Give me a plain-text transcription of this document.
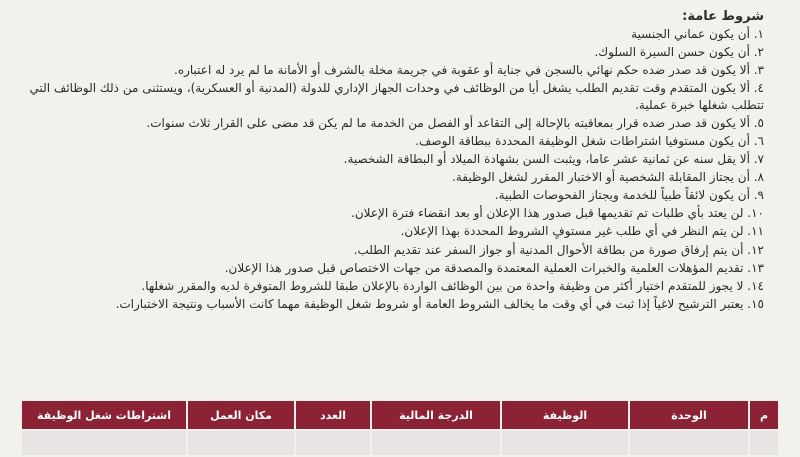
شروط عامة:
١. أن يكون عماني الجنسية
٢. أن يكون حسن السيرة السلوك.
٣. ألا يكون قد صدر ضده حكم نهائي بالسجن في جناية أو عقوبة في جريمة مخلة بالشرف أو الأمانة ما لم يرد له اعتباره.
٤. ألا يكون المتقدم وقت تقديم الطلب يشغل أيا من الوظائف في وحدات الجهاز الإداري للدولة (المدنية أو العسكرية)، ويستثنى من ذلك الوظائف التي تتطلب شغلها خبرة عملية.
٥. ألا يكون قد صدر ضده قرار بمعاقبته بالإحالة إلى التقاعد أو الفصل من الخدمة ما لم يكن قد مضى على القرار ثلاث سنوات.
٦. أن يكون مستوفيا اشتراطات شغل الوظيفة المحددة ببطاقة الوصف.
٧. ألا يقل سنه عن ثمانية عشر عاما، ويثبت السن بشهادة الميلاد أو البطاقة الشخصية.
٨. أن يجتاز المقابلة الشخصية أو الاختبار المقرر لشغل الوظيفة.
٩. أن يكون لائقاً طبياً للخدمة ويجتاز الفحوصات الطبية.
١٠. لن يعتد بأي طلبات تم تقديمها قبل صدور هذا الإعلان أو بعد انقضاء فترة الإعلان.
١١. لن يتم النظر في أي طلب غير مستوفٍ الشروط المحددة بهذا الإعلان.
١٢. أن يتم إرفاق صورة من بطاقة الأحوال المدنية أو جواز السفر عند تقديم الطلب.
١٣. تقديم المؤهلات العلمية والخبرات العملية المعتمدة والمصدقة من جهات الاختصاص قبل صدور هذا الإعلان.
١٤. لا يجوز للمتقدم اختيار أكثر من وظيفة واحدة من بين الوظائف الواردة بالإعلان طبقا للشروط المتوفرة لديه والمقرر شغلها.
١٥. يعتبر الترشيح لاغياً إذا ثبت في أي وقت ما يخالف الشروط العامة أو شروط شغل الوظيفة مهما كانت الأسباب ونتيجة الاختبارات.
م	الوحدة	الوظيفة	الدرجة المالية	العدد	مكان العمل	اشتراطات شغل الوظيفة
